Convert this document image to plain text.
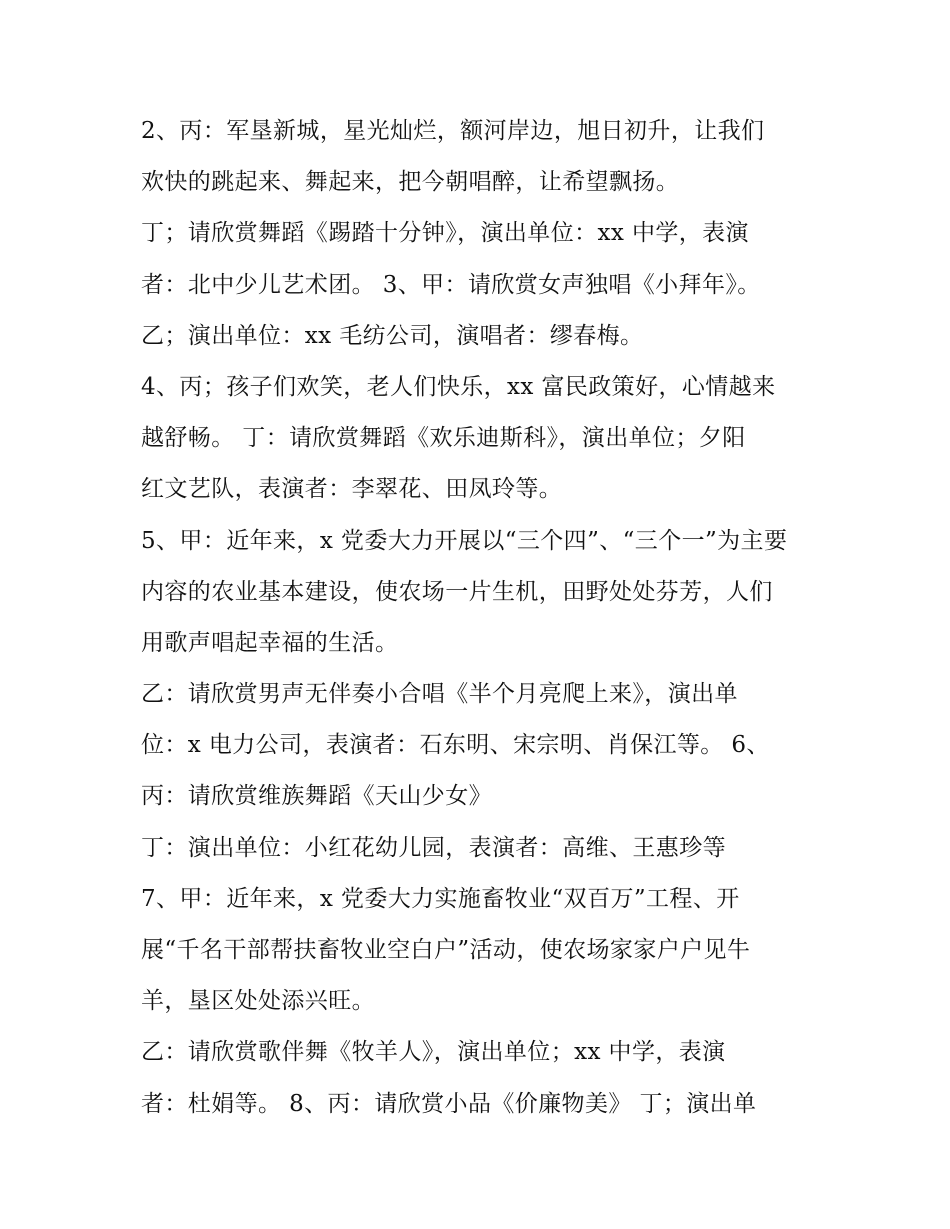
2、丙：军垦新城，星光灿烂，额河岸边，旭日初升，让我们
欢快的跳起来、舞起来，把今朝唱醉，让希望飘扬。
丁；请欣赏舞蹈《踢踏十分钟》，演出单位：xx 中学，表演
者：北中少儿艺术团。 3、甲：请欣赏女声独唱《小拜年》。
乙；演出单位：xx 毛纺公司，演唱者：缪春梅。
4、丙；孩子们欢笑，老人们快乐，xx 富民政策好，心情越来
越舒畅。 丁：请欣赏舞蹈《欢乐迪斯科》，演出单位；夕阳
红文艺队，表演者：李翠花、田凤玲等。
5、甲：近年来，x 党委大力开展以“三个四”、“三个一”为主要
内容的农业基本建设，使农场一片生机，田野处处芬芳，人们
用歌声唱起幸福的生活。
乙：请欣赏男声无伴奏小合唱《半个月亮爬上来》，演出单
位：x 电力公司，表演者：石东明、宋宗明、肖保江等。 6、
丙：请欣赏维族舞蹈《天山少女》
丁：演出单位：小红花幼儿园，表演者：高维、王惠珍等
7、甲：近年来，x 党委大力实施畜牧业“双百万”工程、开
展“千名干部帮扶畜牧业空白户”活动，使农场家家户户见牛
羊，垦区处处添兴旺。
乙：请欣赏歌伴舞《牧羊人》，演出单位；xx 中学，表演
者：杜娟等。 8、丙：请欣赏小品《价廉物美》 丁；演出单
